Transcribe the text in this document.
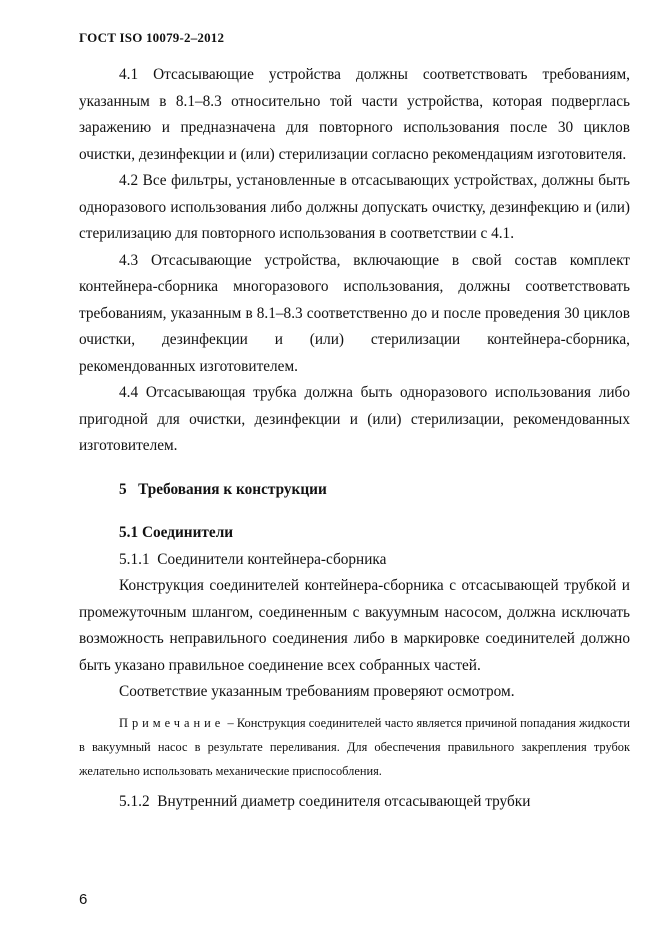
ГОСТ ISO 10079-2–2012

4.1 Отсасывающие устройства должны соответствовать требованиям, указанным в 8.1–8.3 относительно той части устройства, которая подверглась заражению и предназначена для повторного использования после 30 циклов очистки, дезинфекции и (или) стерилизации согласно рекомендациям изготовителя.

4.2 Все фильтры, установленные в отсасывающих устройствах, должны быть одноразового использования либо должны допускать очистку, дезинфекцию и (или) стерилизацию для повторного использования в соответствии с 4.1.

4.3 Отсасывающие устройства, включающие в свой состав комплект контейнера-сборника многоразового использования, должны соответствовать требованиям, указанным в 8.1–8.3 соответственно до и после проведения 30 циклов очистки, дезинфекции и (или) стерилизации контейнера-сборника, рекомендованных изготовителем.

4.4 Отсасывающая трубка должна быть одноразового использования либо пригодной для очистки, дезинфекции и (или) стерилизации, рекомендованных изготовителем.

5   Требования к конструкции

5.1 Соединители

5.1.1  Соединители контейнера-сборника

Конструкция соединителей контейнера-сборника с отсасывающей трубкой и промежуточным шлангом, соединенным с вакуумным насосом, должна исключать возможность неправильного соединения либо в маркировке соединителей должно быть указано правильное соединение всех собранных частей.

Соответствие указанным требованиям проверяют осмотром.

Примечание – Конструкция соединителей часто является причиной попадания жидкости в вакуумный насос в результате переливания. Для обеспечения правильного закрепления трубок желательно использовать механические приспособления.

5.1.2  Внутренний диаметр соединителя отсасывающей трубки

6
